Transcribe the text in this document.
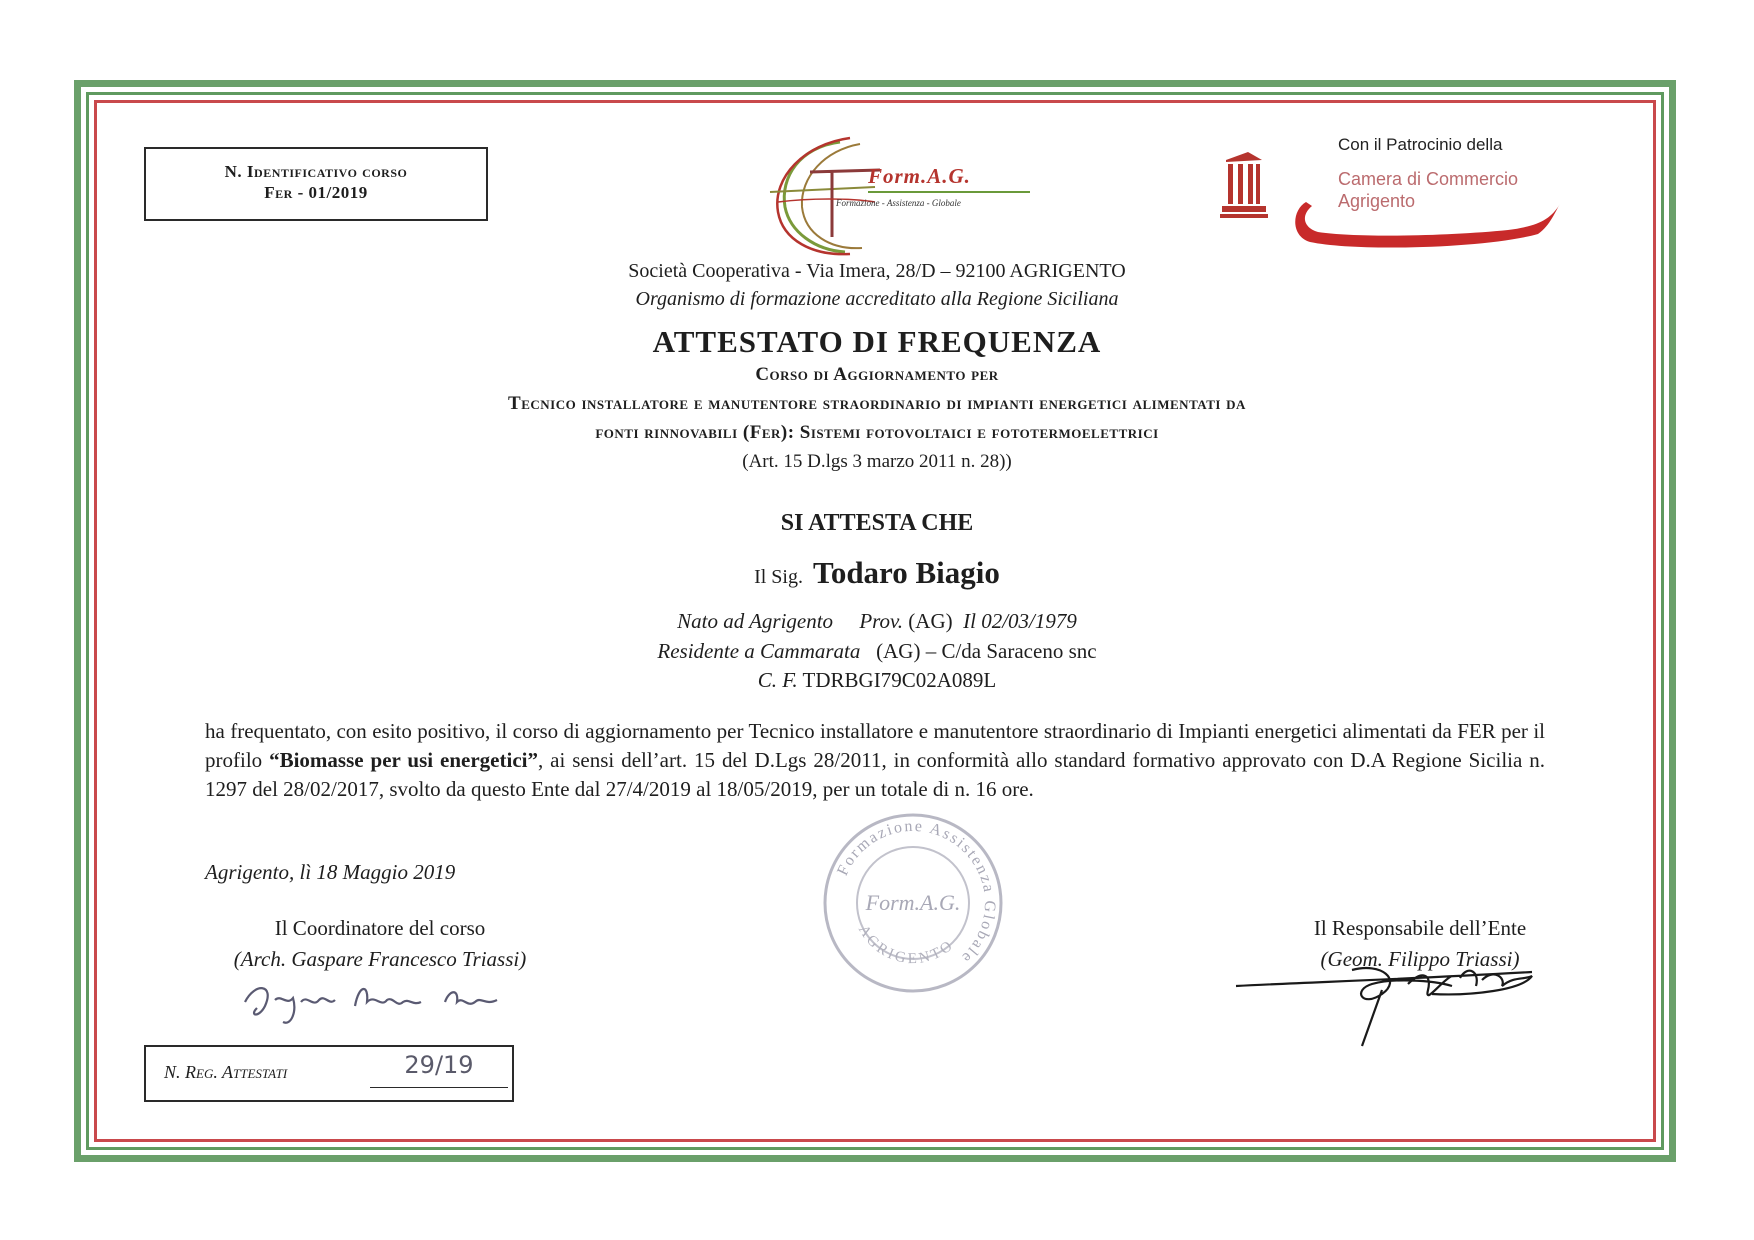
N. Identificativo corso
Fer - 01/2019
Form.A.G.
Formazione - Assistenza - Globale
Con il Patrocinio della
Camera di Commercio
Agrigento
Società Cooperativa - Via Imera, 28/D – 92100 AGRIGENTO
Organismo di formazione accreditato alla Regione Siciliana
ATTESTATO DI FREQUENZA
Corso di Aggiornamento per
Tecnico installatore e manutentore straordinario di impianti energetici alimentati da
fonti rinnovabili (Fer): Sistemi fotovoltaici e fototermoelettrici
(Art. 15 D.lgs 3 marzo 2011 n. 28))
SI ATTESTA CHE
Il Sig. Todaro Biagio
Nato ad Agrigento Prov. (AG) Il 02/03/1979
Residente a Cammarata (AG) – C/da Saraceno snc
C. F. TDRBGI79C02A089L
ha frequentato, con esito positivo, il corso di aggiornamento per Tecnico installatore e manutentore straordinario di Impianti energetici alimentati da FER per il profilo “Biomasse per usi energetici”, ai sensi dell’art. 15 del D.Lgs 28/2011, in conformità allo standard formativo approvato con D.A Regione Sicilia n. 1297 del 28/02/2017, svolto da questo Ente dal 27/4/2019 al 18/05/2019, per un totale di n. 16 ore.
Agrigento, lì 18 Maggio 2019
Il Coordinatore del corso
(Arch. Gaspare Francesco Triassi)
Il Responsabile dell’Ente
(Geom. Filippo Triassi)
Formazione Assistenza Globale
Form.A.G.
AGRIGENTO
N. Reg. Attestati	29/19
